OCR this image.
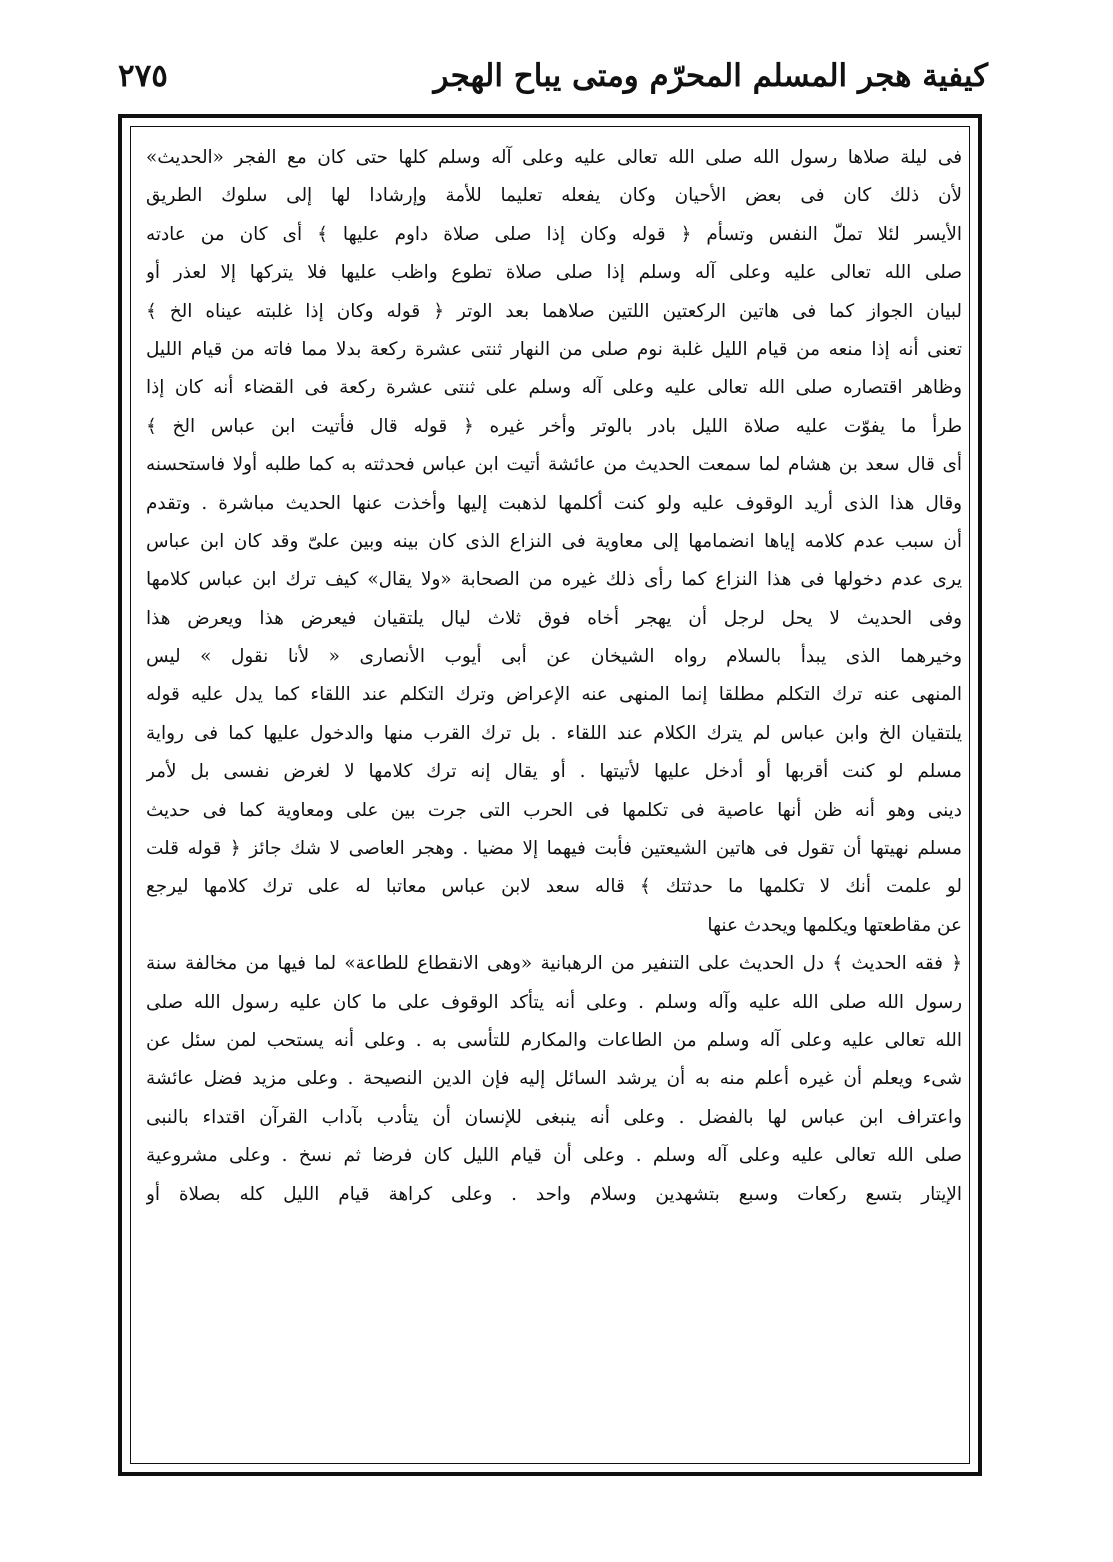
كيفية هجر المسلم المحرّم ومتى يباح الهجر
٢٧٥
فى ليلة صلاها رسول الله صلى الله تعالى عليه وعلى آله وسلم كلها حتى كان مع الفجر «الحديث»
لأن ذلك كان فى بعض الأحيان وكان يفعله تعليما للأمة وإرشادا لها إلى سلوك الطريق
الأيسر لئلا تملّ النفس وتسأم ﴿ قوله وكان إذا صلى صلاة داوم عليها ﴾ أى كان من عادته
صلى الله تعالى عليه وعلى آله وسلم إذا صلى صلاة تطوع واظب عليها فلا يتركها إلا لعذر أو
لبيان الجواز كما فى هاتين الركعتين اللتين صلاهما بعد الوتر ﴿ قوله وكان إذا غلبته عيناه الخ ﴾
تعنى أنه إذا منعه من قيام الليل غلبة نوم صلى من النهار ثنتى عشرة ركعة بدلا مما فاته من قيام الليل
وظاهر اقتصاره صلى الله تعالى عليه وعلى آله وسلم على ثنتى عشرة ركعة فى القضاء أنه كان إذا
طرأ ما يفوّت عليه صلاة الليل بادر بالوتر وأخر غيره ﴿ قوله قال فأتيت ابن عباس الخ ﴾
أى قال سعد بن هشام لما سمعت الحديث من عائشة أتيت ابن عباس فحدثته به كما طلبه أولا فاستحسنه
وقال هذا الذى أريد الوقوف عليه ولو كنت أكلمها لذهبت إليها وأخذت عنها الحديث مباشرة . وتقدم
أن سبب عدم كلامه إياها انضمامها إلى معاوية فى النزاع الذى كان بينه وبين علىّ وقد كان ابن عباس
يرى عدم دخولها فى هذا النزاع كما رأى ذلك غيره من الصحابة «ولا يقال» كيف ترك ابن عباس كلامها
وفى الحديث لا يحل لرجل أن يهجر أخاه فوق ثلاث ليال يلتقيان فيعرض هذا ويعرض هذا
وخيرهما الذى يبدأ بالسلام رواه الشيخان عن أبى أيوب الأنصارى « لأنا نقول » ليس
المنهى عنه ترك التكلم مطلقا إنما المنهى عنه الإعراض وترك التكلم عند اللقاء كما يدل عليه قوله
يلتقيان الخ وابن عباس لم يترك الكلام عند اللقاء . بل ترك القرب منها والدخول عليها كما فى رواية
مسلم لو كنت أقربها أو أدخل عليها لأتيتها . أو يقال إنه ترك كلامها لا لغرض نفسى بل لأمر
دينى وهو أنه ظن أنها عاصية فى تكلمها فى الحرب التى جرت بين على ومعاوية كما فى حديث
مسلم نهيتها أن تقول فى هاتين الشيعتين فأبت فيهما إلا مضيا . وهجر العاصى لا شك جائز ﴿ قوله قلت
لو علمت أنك لا تكلمها ما حدثتك ﴾ قاله سعد لابن عباس معاتبا له على ترك كلامها ليرجع
عن مقاطعتها ويكلمها ويحدث عنها
﴿ فقه الحديث ﴾ دل الحديث على التنفير من الرهبانية «وهى الانقطاع للطاعة» لما فيها من مخالفة سنة
رسول الله صلى الله عليه وآله وسلم . وعلى أنه يتأكد الوقوف على ما كان عليه رسول الله صلى
الله تعالى عليه وعلى آله وسلم من الطاعات والمكارم للتأسى به . وعلى أنه يستحب لمن سئل عن
شىء ويعلم أن غيره أعلم منه به أن يرشد السائل إليه فإن الدين النصيحة . وعلى مزيد فضل عائشة
واعتراف ابن عباس لها بالفضل . وعلى أنه ينبغى للإنسان أن يتأدب بآداب القرآن اقتداء بالنبى
صلى الله تعالى عليه وعلى آله وسلم . وعلى أن قيام الليل كان فرضا ثم نسخ . وعلى مشروعية
الإيتار بتسع ركعات وسبع بتشهدين وسلام واحد . وعلى كراهة قيام الليل كله بصلاة أو
